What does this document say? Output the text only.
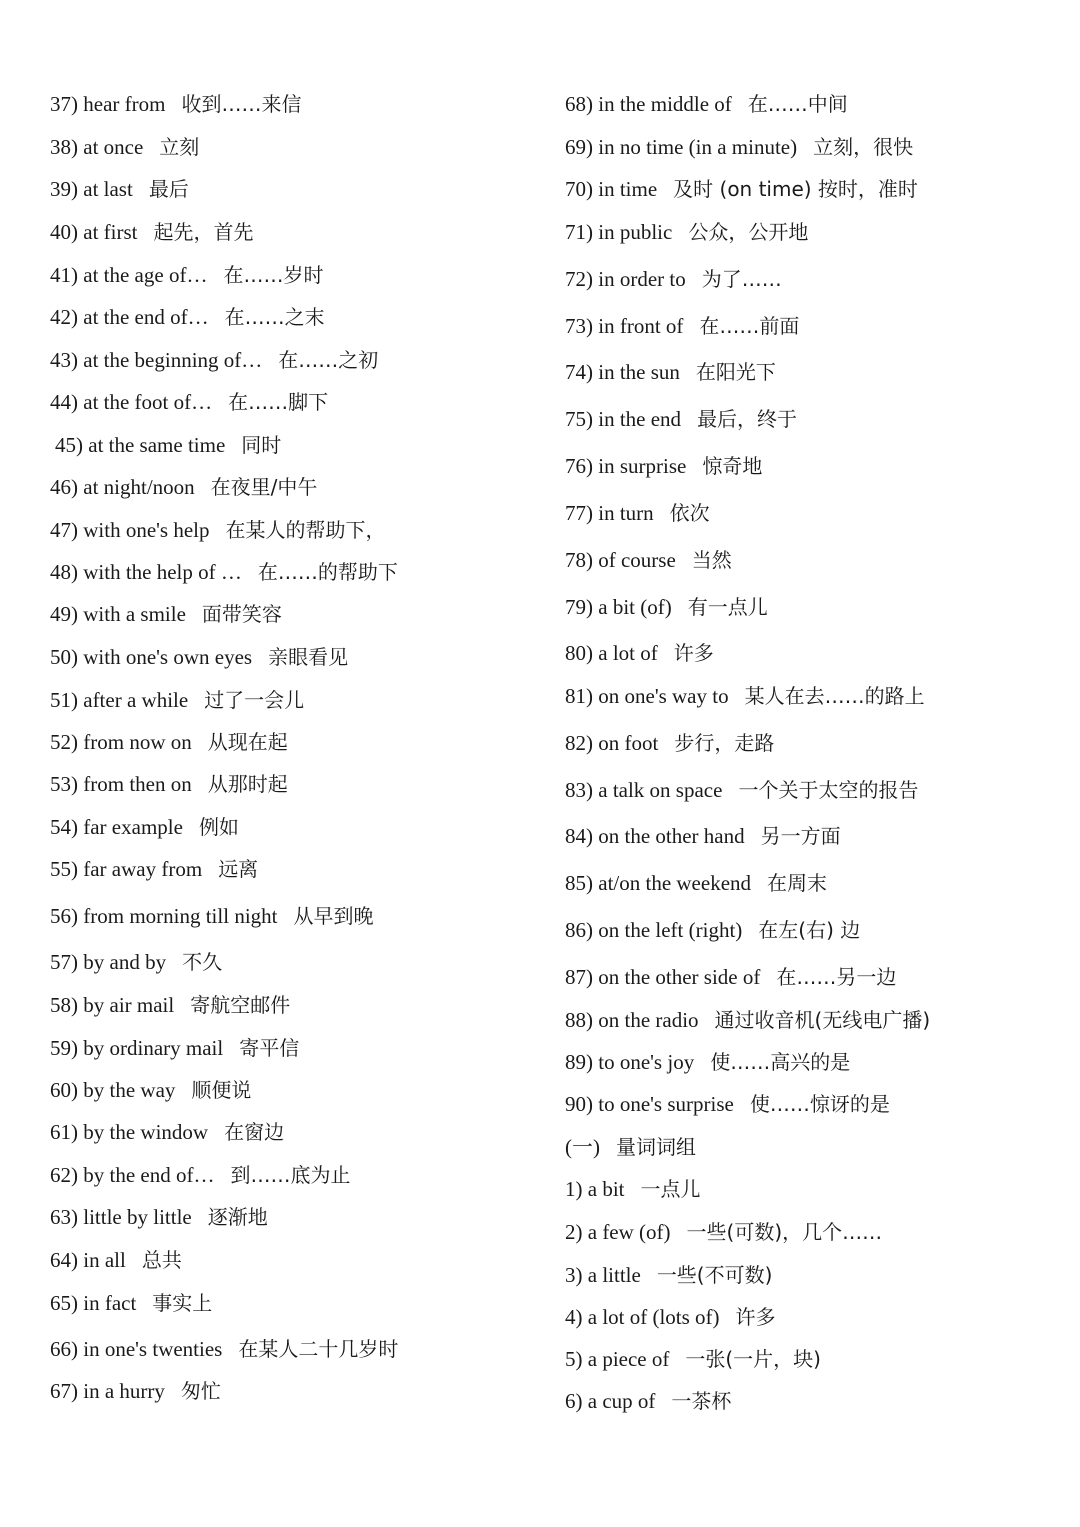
37) hear from 收到……来信
38) at once 立刻
39) at last 最后
40) at first 起先，首先
41) at the age of… 在……岁时
42) at the end of… 在……之末
43) at the beginning of… 在……之初
44) at the foot of… 在……脚下
45) at the same time 同时
46) at night/noon 在夜里/中午
47) with one's help 在某人的帮助下，
48) with the help of … 在……的帮助下
49) with a smile 面带笑容
50) with one's own eyes 亲眼看见
51) after a while 过了一会儿
52) from now on 从现在起
53) from then on 从那时起
54) far example 例如
55) far away from 远离
56) from morning till night 从早到晚
57) by and by 不久
58) by air mail 寄航空邮件
59) by ordinary mail 寄平信
60) by the way 顺便说
61) by the window 在窗边
62) by the end of… 到……底为止
63) little by little 逐渐地
64) in all 总共
65) in fact 事实上
66) in one's twenties 在某人二十几岁时
67) in a hurry 匆忙
68) in the middle of 在……中间
69) in no time (in a minute) 立刻，很快
70) in time 及时 (on time) 按时，准时
71) in public 公众，公开地
72) in order to 为了……
73) in front of 在……前面
74) in the sun 在阳光下
75) in the end 最后，终于
76) in surprise 惊奇地
77) in turn 依次
78) of course 当然
79) a bit (of) 有一点儿
80) a lot of 许多
81) on one's way to 某人在去……的路上
82) on foot 步行，走路
83) a talk on space 一个关于太空的报告
84) on the other hand 另一方面
85) at/on the weekend 在周末
86) on the left (right) 在左(右) 边
87) on the other side of 在……另一边
88) on the radio 通过收音机(无线电广播)
89) to one's joy 使……高兴的是
90) to one's surprise 使……惊讶的是
(一) 量词词组
1) a bit 一点儿
2) a few (of) 一些(可数)，几个……
3) a little 一些(不可数)
4) a lot of (lots of) 许多
5) a piece of 一张(一片，块)
6) a cup of 一茶杯
